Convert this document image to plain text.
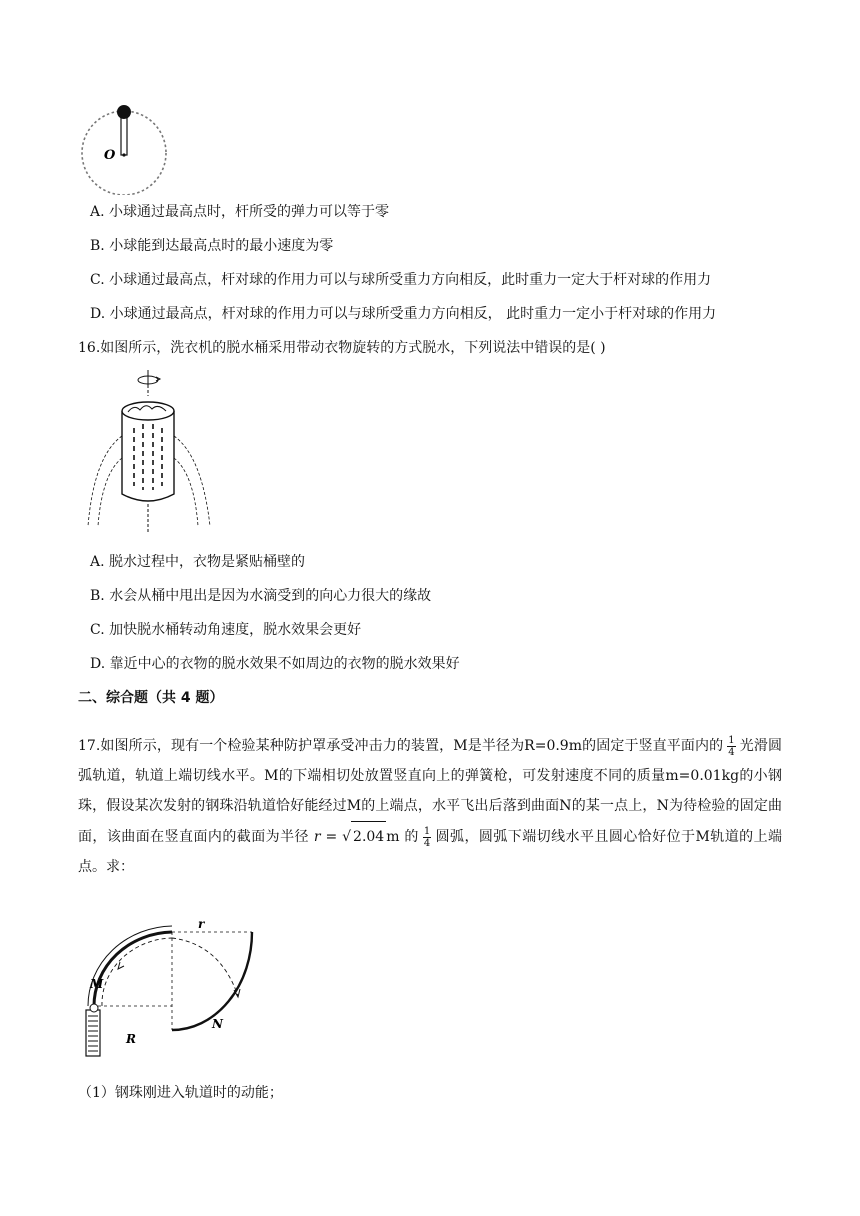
O
A. 小球通过最高点时，杆所受的弹力可以等于零
B. 小球能到达最高点时的最小速度为零
C. 小球通过最高点，杆对球的作用力可以与球所受重力方向相反，此时重力一定大于杆对球的作用力
D. 小球通过最高点，杆对球的作用力可以与球所受重力方向相反， 此时重力一定小于杆对球的作用力
16.如图所示，洗衣机的脱水桶采用带动衣物旋转的方式脱水，下列说法中错误的是( )
A. 脱水过程中，衣物是紧贴桶壁的
B. 水会从桶中甩出是因为水滴受到的向心力很大的缘故
C. 加快脱水桶转动角速度，脱水效果会更好
D. 靠近中心的衣物的脱水效果不如周边的衣物的脱水效果好
二、综合题（共 4 题）
17.如图所示，现有一个检验某种防护罩承受冲击力的装置，M是半径为R=0.9m的固定于竖直平面内的 $\frac{1}{4}$ 光滑圆弧轨道，轨道上端切线水平。M的下端相切处放置竖直向上的弹簧枪，可发射速度不同的质量m=0.01kg的小钢珠，假设某次发射的钢珠沿轨道恰好能经过M的上端点，水平飞出后落到曲面N的某一点上，N为待检验的固定曲面，该曲面在竖直面内的截面为半径 r = √ 2.04 m 的 $\frac{1}{4}$ 圆弧，圆弧下端切线水平且圆心恰好位于M轨道的上端点。求：
r
M
N
R
（1）钢珠刚进入轨道时的动能；
